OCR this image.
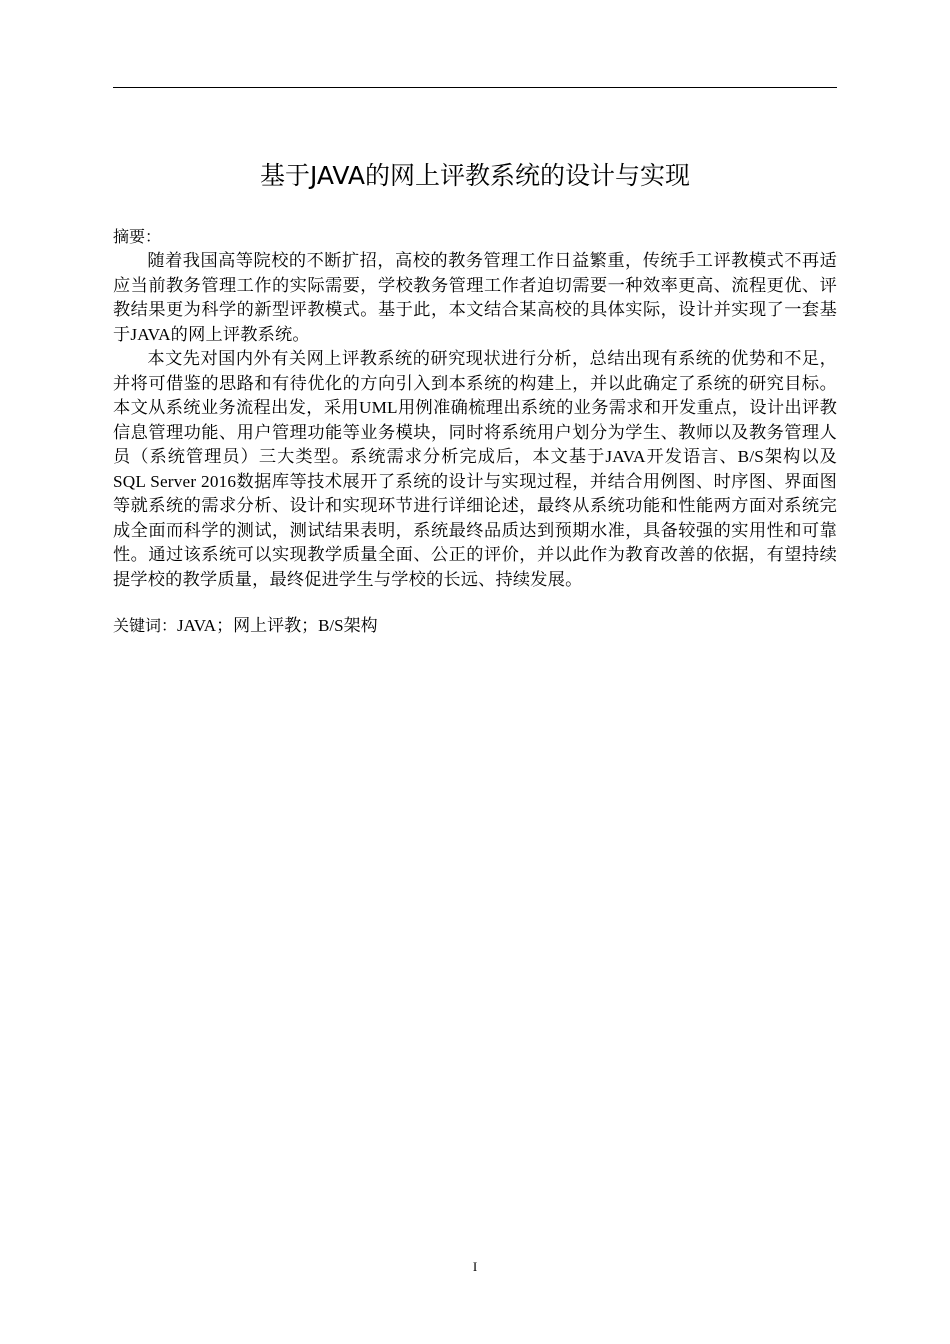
基于JAVA的网上评教系统的设计与实现

摘要：

随着我国高等院校的不断扩招，高校的教务管理工作日益繁重，传统手工评教模式不再适应当前教务管理工作的实际需要，学校教务管理工作者迫切需要一种效率更高、流程更优、评教结果更为科学的新型评教模式。基于此，本文结合某高校的具体实际，设计并实现了一套基于JAVA的网上评教系统。

本文先对国内外有关网上评教系统的研究现状进行分析，总结出现有系统的优势和不足，并将可借鉴的思路和有待优化的方向引入到本系统的构建上，并以此确定了系统的研究目标。本文从系统业务流程出发，采用UML用例准确梳理出系统的业务需求和开发重点，设计出评教信息管理功能、用户管理功能等业务模块，同时将系统用户划分为学生、教师以及教务管理人员（系统管理员）三大类型。系统需求分析完成后，本文基于JAVA开发语言、B/S架构以及SQL Server 2016数据库等技术展开了系统的设计与实现过程，并结合用例图、时序图、界面图等就系统的需求分析、设计和实现环节进行详细论述，最终从系统功能和性能两方面对系统完成全面而科学的测试，测试结果表明，系统最终品质达到预期水准，具备较强的实用性和可靠性。通过该系统可以实现教学质量全面、公正的评价，并以此作为教育改善的依据，有望持续提学校的教学质量，最终促进学生与学校的长远、持续发展。

关键词：JAVA；网上评教；B/S架构

I
